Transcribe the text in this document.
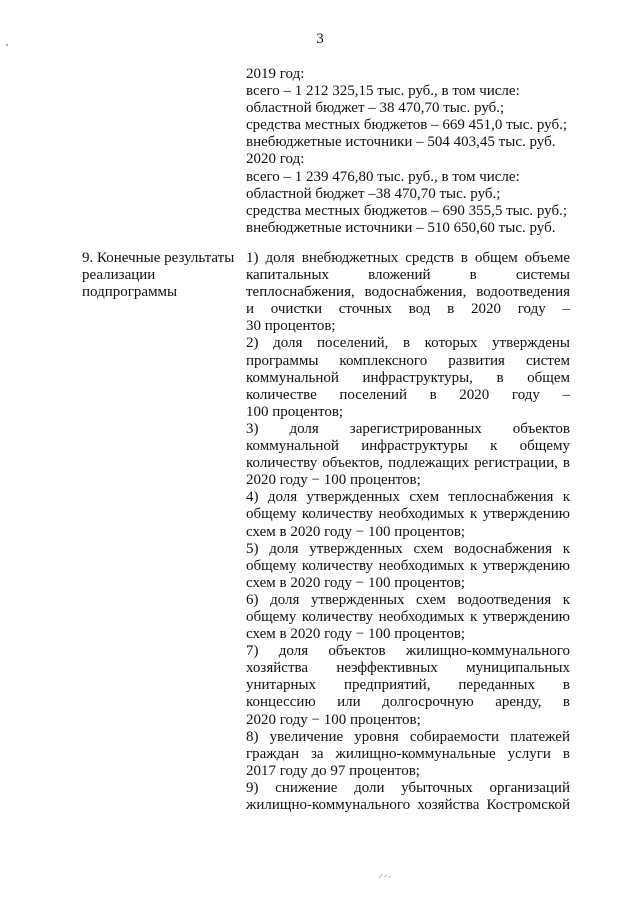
3
2019 год:
всего – 1 212 325,15 тыс. руб., в том числе:
областной бюджет – 38 470,70 тыс. руб.;
средства местных бюджетов – 669 451,0 тыс. руб.;
внебюджетные источники – 504 403,45 тыс. руб.
2020 год:
всего – 1 239 476,80 тыс. руб., в том числе:
областной бюджет –38 470,70 тыс. руб.;
средства местных бюджетов – 690 355,5 тыс. руб.;
внебюджетные источники – 510 650,60 тыс. руб.
9. Конечные результаты
реализации
подпрограммы
1) доля внебюджетных средств в общем объеме
капитальных вложений в системы
теплоснабжения, водоснабжения, водоотведения
и очистки сточных вод в 2020 году –
30 процентов;
2) доля поселений, в которых утверждены
программы комплексного развития систем
коммунальной инфраструктуры, в общем
количестве поселений в 2020 году –
100 процентов;
3) доля зарегистрированных объектов
коммунальной инфраструктуры к общему
количеству объектов, подлежащих регистрации, в
2020 году − 100 процентов;
4) доля утвержденных схем теплоснабжения к
общему количеству необходимых к утверждению
схем в 2020 году − 100 процентов;
5) доля утвержденных схем водоснабжения к
общему количеству необходимых к утверждению
схем в 2020 году − 100 процентов;
6) доля утвержденных схем водоотведения к
общему количеству необходимых к утверждению
схем в 2020 году − 100 процентов;
7) доля объектов жилищно-коммунального
хозяйства неэффективных муниципальных
унитарных предприятий, переданных в
концессию или долгосрочную аренду, в
2020 году − 100 процентов;
8) увеличение уровня собираемости платежей
граждан за жилищно-коммунальные услуги в
2017 году до 97 процентов;
9) снижение доли убыточных организаций
жилищно-коммунального хозяйства Костромской
